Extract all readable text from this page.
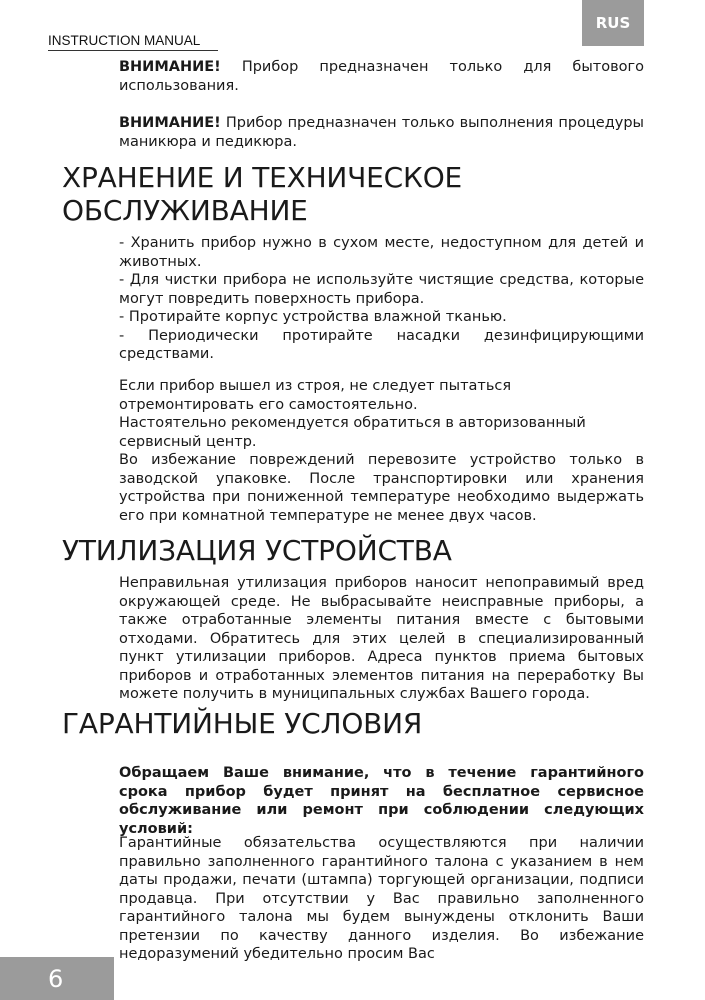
RUS
INSTRUCTION MANUAL

ВНИМАНИЕ! Прибор предназначен только для бытового использования.

ВНИМАНИЕ! Прибор предназначен только выполнения процедуры маникюра и педикюра.

ХРАНЕНИЕ И ТЕХНИЧЕСКОЕ
ОБСЛУЖИВАНИЕ

- Хранить прибор нужно в сухом месте, недоступном для детей и животных.

- Для чистки прибора не используйте чистящие средства, которые могут повредить поверхность прибора.

- Протирайте корпус устройства влажной тканью.

- Периодически протирайте насадки дезинфицирующими средствами.

Если прибор вышел из строя, не следует пытаться отремонтировать его самостоятельно.

Настоятельно рекомендуется обратиться в авторизованный сервисный центр.

Во избежание повреждений перевозите устройство только в заводской упаковке. После транспортировки или хранения устройства при пониженной температуре необходимо выдержать его при комнатной температуре не менее двух часов.

УТИЛИЗАЦИЯ УСТРОЙСТВА

Неправильная утилизация приборов наносит непоправимый вред окружающей среде. Не выбрасывайте неисправные приборы, а также отработанные элементы питания вместе с бытовыми отходами. Обратитесь для этих целей в специализированный пункт утилизации приборов. Адреса пунктов приема бытовых приборов и отработанных элементов питания на переработку Вы можете получить в муниципальных службах Вашего города.

ГАРАНТИЙНЫЕ УСЛОВИЯ

Обращаем Ваше внимание, что в течение гарантийного срока прибор будет принят на бесплатное сервисное обслуживание или ремонт при соблюдении следующих условий:

Гарантийные обязательства осуществляются при наличии правильно заполненного гарантийного талона с указанием в нем даты продажи, печати (штампа) торгующей организации, подписи продавца. При отсутствии у Вас правильно заполненного гарантийного талона мы будем вынуждены отклонить Ваши претензии по качеству данного изделия. Во избежание недоразумений убедительно просим Вас

6
